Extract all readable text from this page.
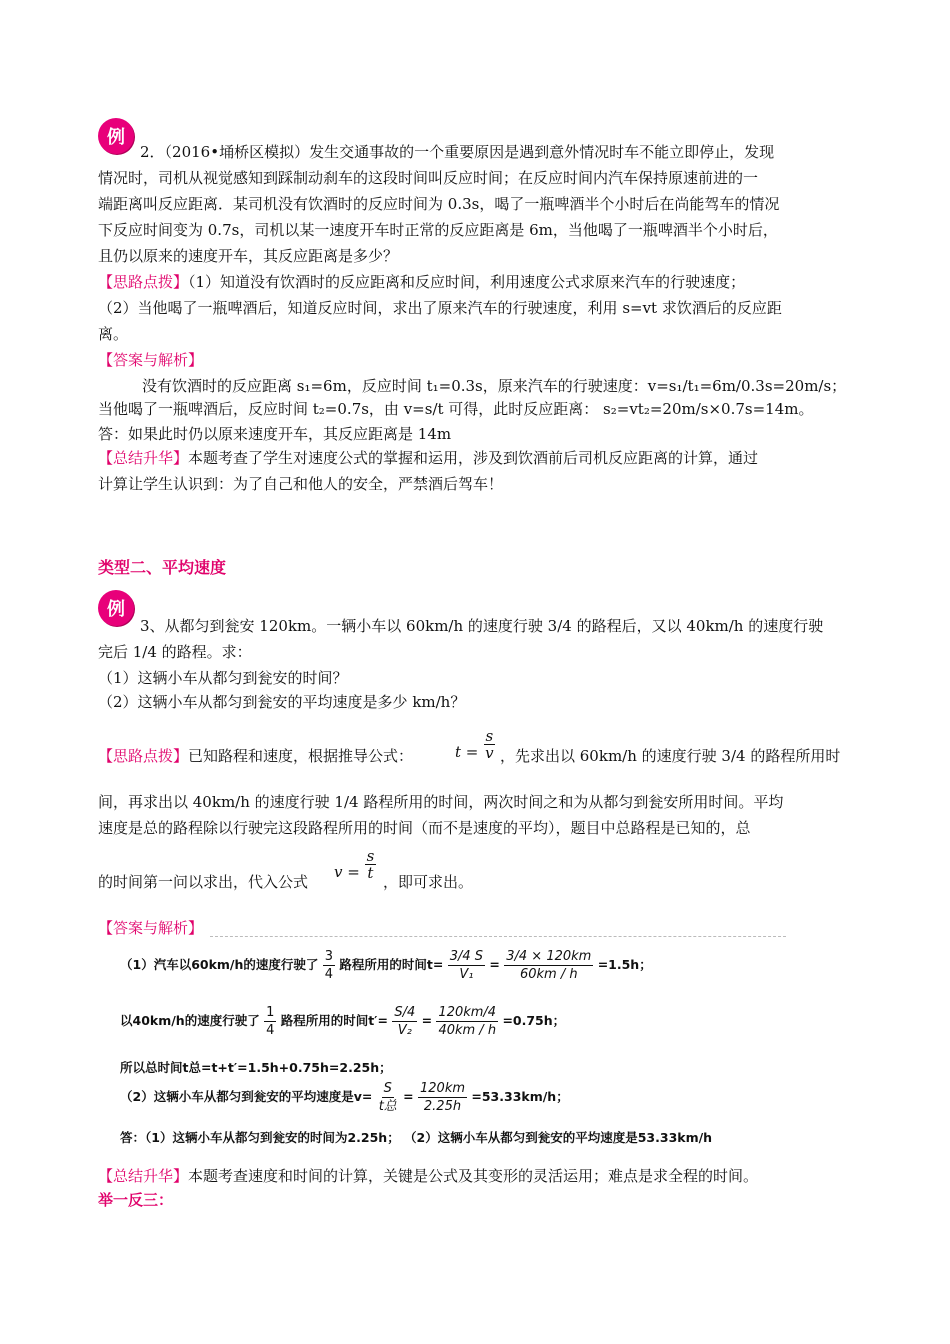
例
2．（2016•埇桥区模拟）发生交通事故的一个重要原因是遇到意外情况时车不能立即停止，发现
情况时，司机从视觉感知到踩制动刹车的这段时间叫反应时间；在反应时间内汽车保持原速前进的一
端距离叫反应距离．某司机没有饮酒时的反应时间为 0.3s，喝了一瓶啤酒半个小时后在尚能驾车的情况
下反应时间变为 0.7s，司机以某一速度开车时正常的反应距离是 6m，当他喝了一瓶啤酒半个小时后，
且仍以原来的速度开车，其反应距离是多少？
【思路点拨】（1）知道没有饮酒时的反应距离和反应时间，利用速度公式求原来汽车的行驶速度；
（2）当他喝了一瓶啤酒后，知道反应时间，求出了原来汽车的行驶速度，利用 s=vt 求饮酒后的反应距
离。
【答案与解析】
没有饮酒时的反应距离 s₁=6m，反应时间 t₁=0.3s，原来汽车的行驶速度：v=s₁/t₁=6m/0.3s=20m/s；
当他喝了一瓶啤酒后，反应时间 t₂=0.7s，由 v=s/t 可得，此时反应距离： s₂=vt₂=20m/s×0.7s=14m。
答：如果此时仍以原来速度开车，其反应距离是 14m
【总结升华】本题考查了学生对速度公式的掌握和运用，涉及到饮酒前后司机反应距离的计算，通过
计算让学生认识到：为了自己和他人的安全，严禁酒后驾车！
类型二、平均速度
例
3、从都匀到瓮安 120km。一辆小车以 60km/h 的速度行驶 3/4 的路程后，又以 40km/h 的速度行驶
完后 1/4 的路程。求：
（1）这辆小车从都匀到瓮安的时间？
（2）这辆小车从都匀到瓮安的平均速度是多少 km/h？
【思路点拨】已知路程和速度，根据推导公式：	$t = \frac{s}{v}$ ，先求出以 60km/h 的速度行驶 3/4 的路程所用时
间，再求出以 40km/h 的速度行驶 1/4 路程所用的时间，两次时间之和为从都匀到瓮安所用时间。平均
速度是总的路程除以行驶完这段路程所用的时间（而不是速度的平均），题目中总路程是已知的，总
的时间第一问以求出，代入公式
$v = \frac{s}{t}$
，即可求出。
【答案与解析】
（1）汽车以60km/h的速度行驶了 $\frac{3}{4}$ 路程所用的时间$t= \frac{3/4 S}{\text{V₁}} = \frac{3/4 \times 120km}{60km / h} =1.5h$；
以40km/h的速度行驶了 $\frac{1}{4}$ 路程所用的时间$t'= \frac{S/4}{\text{V₂}} = \frac{120km/4}{40km / h} =0.75h$；
所以总时间t总=t+t′=1.5h+0.75h=2.25h；
（2）这辆小车从都匀到瓮安的平均速度是$v= \frac{S}{\text{t总}} = \frac{120km}{2.25h} =53.33km/h$；
答：（1）这辆小车从都匀到瓮安的时间为2.25h； （2）这辆小车从都匀到瓮安的平均速度是53.33km/h
【总结升华】本题考查速度和时间的计算，关键是公式及其变形的灵活运用；难点是求全程的时间。
举一反三：
